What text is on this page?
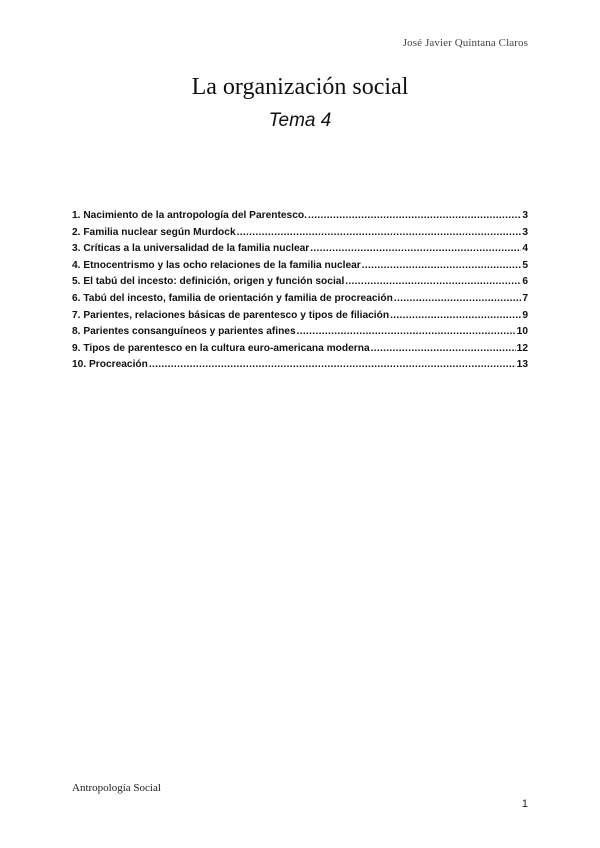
José Javier Quintana Claros
La organización social
Tema 4
1. Nacimiento de la antropología del Parentesco. .....	3
2. Familia nuclear según Murdock .....	3
3. Críticas a la universalidad de la familia nuclear .....	4
4. Etnocentrismo y las ocho relaciones de la familia nuclear .....	5
5. El tabú del incesto: definición, origen y función social .....	6
6. Tabú del incesto, familia de orientación y familia de procreación .....	7
7. Parientes, relaciones básicas de parentesco y tipos de filiación .....	9
8. Parientes consanguíneos y parientes afines .....	10
9. Tipos de parentesco en la cultura euro-americana moderna .....	12
10. Procreación .....	13
Antropología Social
1
